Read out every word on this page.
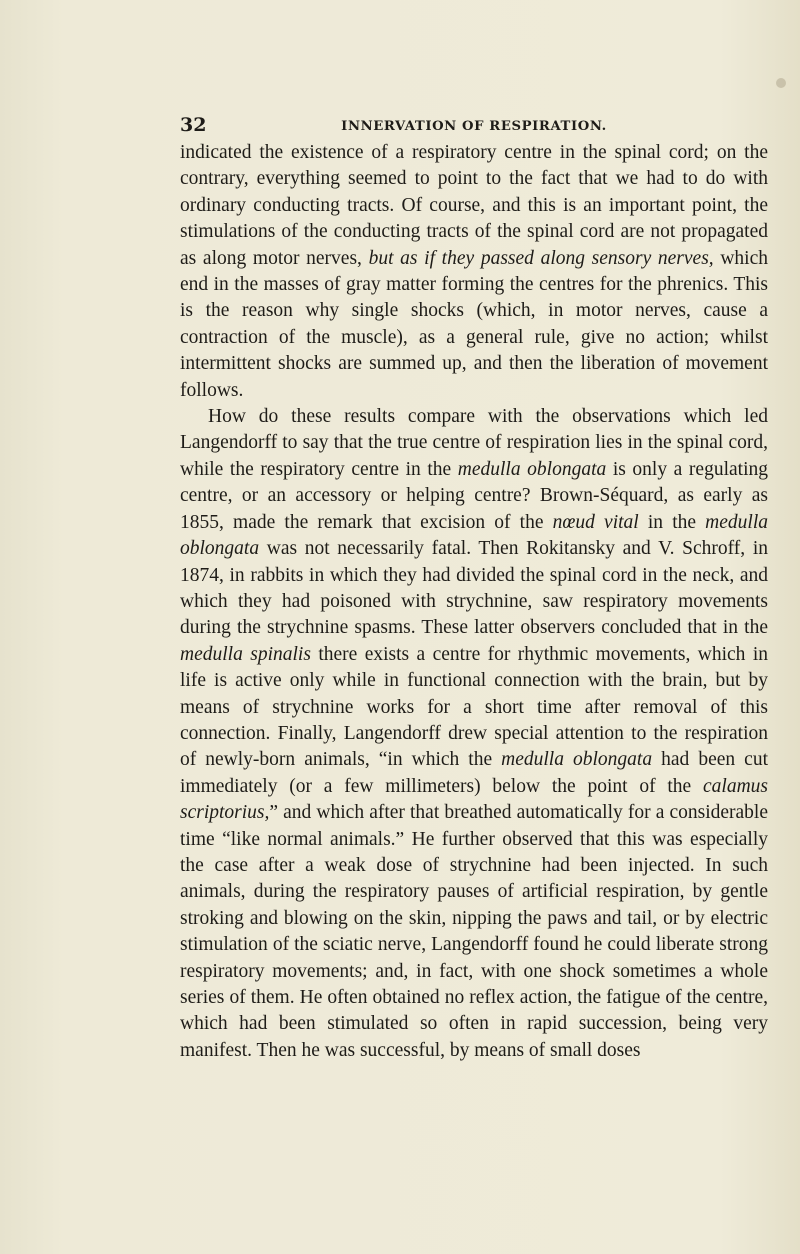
32	INNERVATION OF RESPIRATION.

indicated the existence of a respiratory centre in the spinal cord; on the contrary, everything seemed to point to the fact that we had to do with ordinary conducting tracts. Of course, and this is an important point, the stimulations of the conducting tracts of the spinal cord are not propagated as along motor nerves, but as if they passed along sensory nerves, which end in the masses of gray matter forming the centres for the phrenics. This is the reason why single shocks (which, in motor nerves, cause a contraction of the muscle), as a general rule, give no action; whilst intermittent shocks are summed up, and then the liberation of movement follows.

How do these results compare with the observations which led Langendorff to say that the true centre of respiration lies in the spinal cord, while the respiratory centre in the medulla oblongata is only a regulating centre, or an accessory or helping centre? Brown-Séquard, as early as 1855, made the remark that excision of the nœud vital in the medulla oblongata was not necessarily fatal. Then Rokitansky and V. Schroff, in 1874, in rabbits in which they had divided the spinal cord in the neck, and which they had poisoned with strychnine, saw respiratory movements during the strychnine spasms. These latter observers concluded that in the medulla spinalis there exists a centre for rhythmic movements, which in life is active only while in functional connection with the brain, but by means of strychnine works for a short time after removal of this connection. Finally, Langendorff drew special attention to the respiration of newly-born animals, “in which the medulla oblongata had been cut immediately (or a few millimeters) below the point of the calamus scriptorius,” and which after that breathed automatically for a considerable time “like normal animals.” He further observed that this was especially the case after a weak dose of strychnine had been injected. In such animals, during the respiratory pauses of artificial respiration, by gentle stroking and blowing on the skin, nipping the paws and tail, or by electric stimulation of the sciatic nerve, Langendorff found he could liberate strong respiratory movements; and, in fact, with one shock sometimes a whole series of them. He often obtained no reflex action, the fatigue of the centre, which had been stimulated so often in rapid succession, being very manifest. Then he was successful, by means of small doses
